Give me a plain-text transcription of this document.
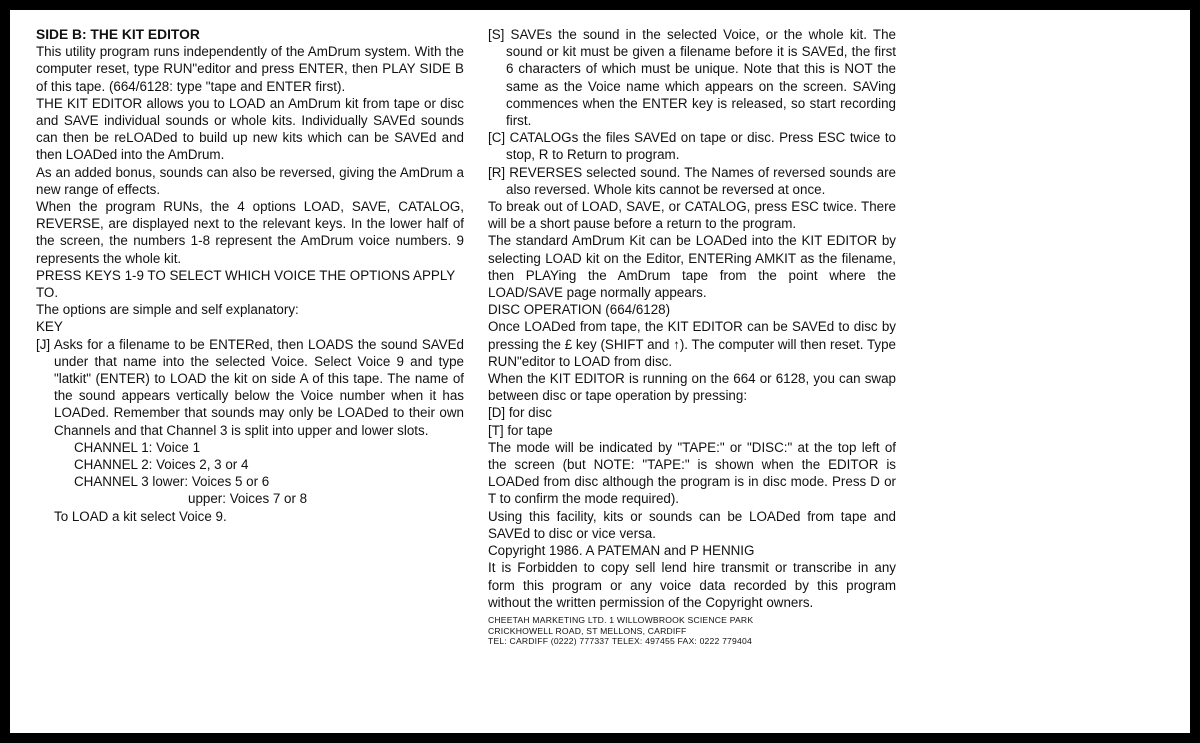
SIDE B: THE KIT EDITOR

This utility program runs independently of the AmDrum system. With the computer reset, type RUN"editor and press ENTER, then PLAY SIDE B of this tape. (664/6128: type "tape and ENTER first).

THE KIT EDITOR allows you to LOAD an AmDrum kit from tape or disc and SAVE individual sounds or whole kits. Individually SAVEd sounds can then be reLOADed to build up new kits which can be SAVEd and then LOADed into the AmDrum.

As an added bonus, sounds can also be reversed, giving the AmDrum a new range of effects.

When the program RUNs, the 4 options LOAD, SAVE, CATALOG, REVERSE, are displayed next to the relevant keys. In the lower half of the screen, the numbers 1-8 represent the AmDrum voice numbers. 9 represents the whole kit.

PRESS KEYS 1-9 TO SELECT WHICH VOICE THE OPTIONS APPLY TO.

The options are simple and self explanatory:

KEY

[J] Asks for a filename to be ENTERed, then LOADS the sound SAVEd under that name into the selected Voice. Select Voice 9 and type "latkit" (ENTER) to LOAD the kit on side A of this tape. The name of the sound appears vertically below the Voice number when it has LOADed. Remember that sounds may only be LOADed to their own Channels and that Channel 3 is split into upper and lower slots.

CHANNEL 1: Voice 1

CHANNEL 2: Voices 2, 3 or 4

CHANNEL 3 lower: Voices 5 or 6

upper: Voices 7 or 8

To LOAD a kit select Voice 9.

[S] SAVEs the sound in the selected Voice, or the whole kit. The sound or kit must be given a filename before it is SAVEd, the first 6 characters of which must be unique. Note that this is NOT the same as the Voice name which appears on the screen. SAVing commences when the ENTER key is released, so start recording first.

[C] CATALOGs the files SAVEd on tape or disc. Press ESC twice to stop, R to Return to program.

[R] REVERSES selected sound. The Names of reversed sounds are also reversed. Whole kits cannot be reversed at once.

To break out of LOAD, SAVE, or CATALOG, press ESC twice. There will be a short pause before a return to the program.

The standard AmDrum Kit can be LOADed into the KIT EDITOR by selecting LOAD kit on the Editor, ENTERing AMKIT as the filename, then PLAYing the AmDrum tape from the point where the LOAD/SAVE page normally appears.

DISC OPERATION (664/6128)

Once LOADed from tape, the KIT EDITOR can be SAVEd to disc by pressing the £ key (SHIFT and ↑). The computer will then reset. Type RUN"editor to LOAD from disc.

When the KIT EDITOR is running on the 664 or 6128, you can swap between disc or tape operation by pressing:

[D] for disc

[T] for tape

The mode will be indicated by "TAPE:" or "DISC:" at the top left of the screen (but NOTE: "TAPE:" is shown when the EDITOR is LOADed from disc although the program is in disc mode. Press D or T to confirm the mode required).

Using this facility, kits or sounds can be LOADed from tape and SAVEd to disc or vice versa.

Copyright 1986. A PATEMAN and P HENNIG

It is Forbidden to copy sell lend hire transmit or transcribe in any form this program or any voice data recorded by this program without the written permission of the Copyright owners.

CHEETAH MARKETING LTD. 1 WILLOWBROOK SCIENCE PARK
CRICKHOWELL ROAD, ST MELLONS, CARDIFF
TEL: CARDIFF (0222) 777337 TELEX: 497455 FAX: 0222 779404
